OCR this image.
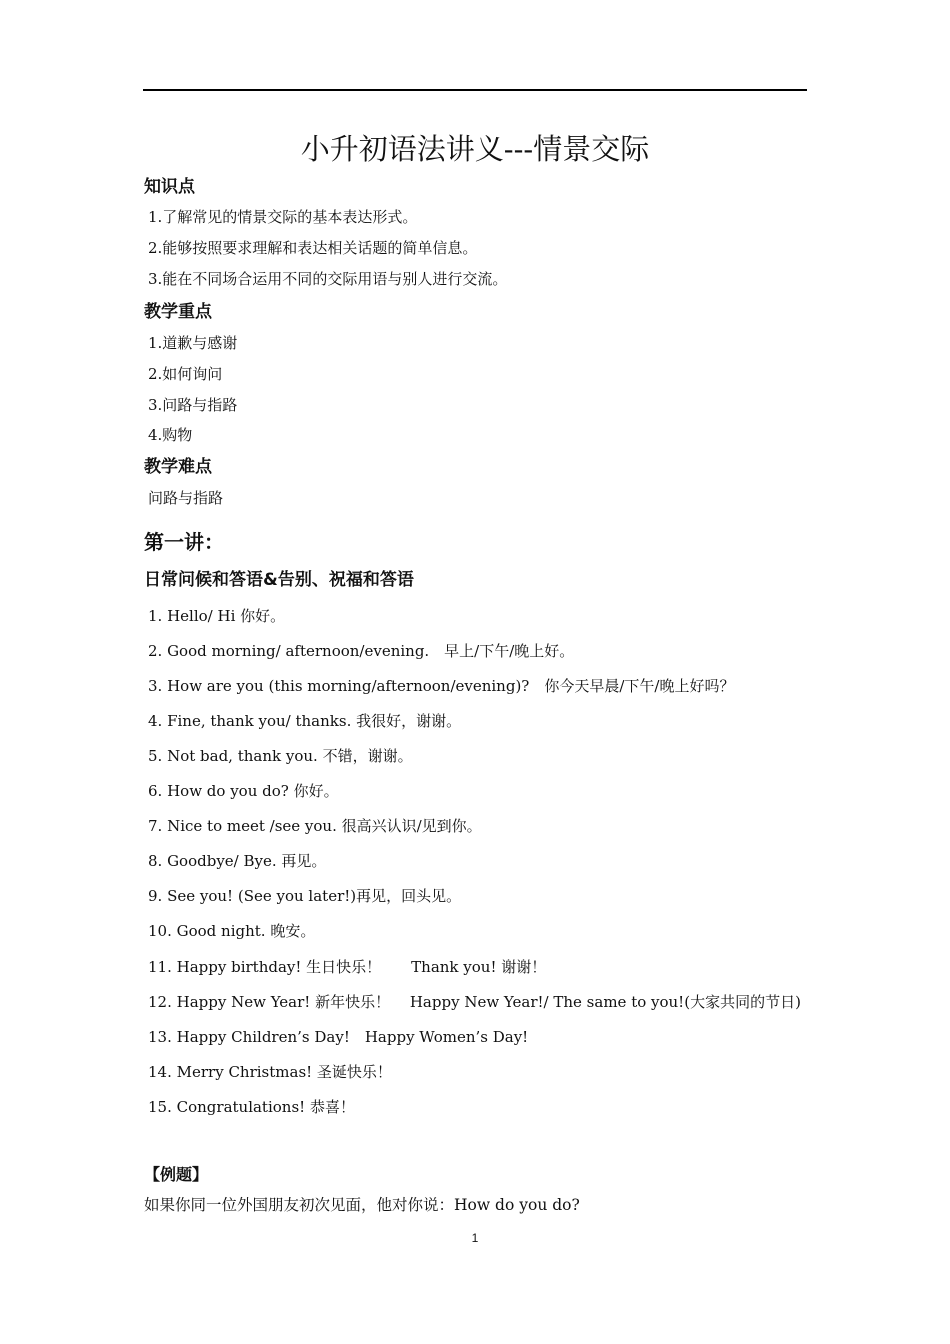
小升初语法讲义---情景交际
知识点

1.了解常见的情景交际的基本表达形式。

2.能够按照要求理解和表达相关话题的简单信息。

3.能在不同场合运用不同的交际用语与别人进行交流。

教学重点

1.道歉与感谢

2.如何询问

3.问路与指路

4.购物

教学难点

问路与指路

第一讲：
日常问候和答语&告别、祝福和答语

1. Hello/ Hi 你好。

2. Good morning/ afternoon/evening.　早上/下午/晚上好。

3. How are you (this morning/afternoon/evening)?　你今天早晨/下午/晚上好吗？

4. Fine, thank you/ thanks. 我很好，谢谢。

5. Not bad, thank you. 不错，谢谢。

6. How do you do? 你好。

7. Nice to meet /see you. 很高兴认识/见到你。

8. Goodbye/ Bye. 再见。

9. See you! (See you later!)再见，回头见。

10. Good night. 晚安。

11. Happy birthday! 生日快乐！　　Thank you! 谢谢！

12. Happy New Year! 新年快乐！　 Happy New Year!/ The same to you!(大家共同的节日)

13. Happy Children’s Day!　Happy Women’s Day!

14. Merry Christmas! 圣诞快乐！

15. Congratulations! 恭喜！

【例题】

如果你同一位外国朋友初次见面，他对你说：How do you do?

1
